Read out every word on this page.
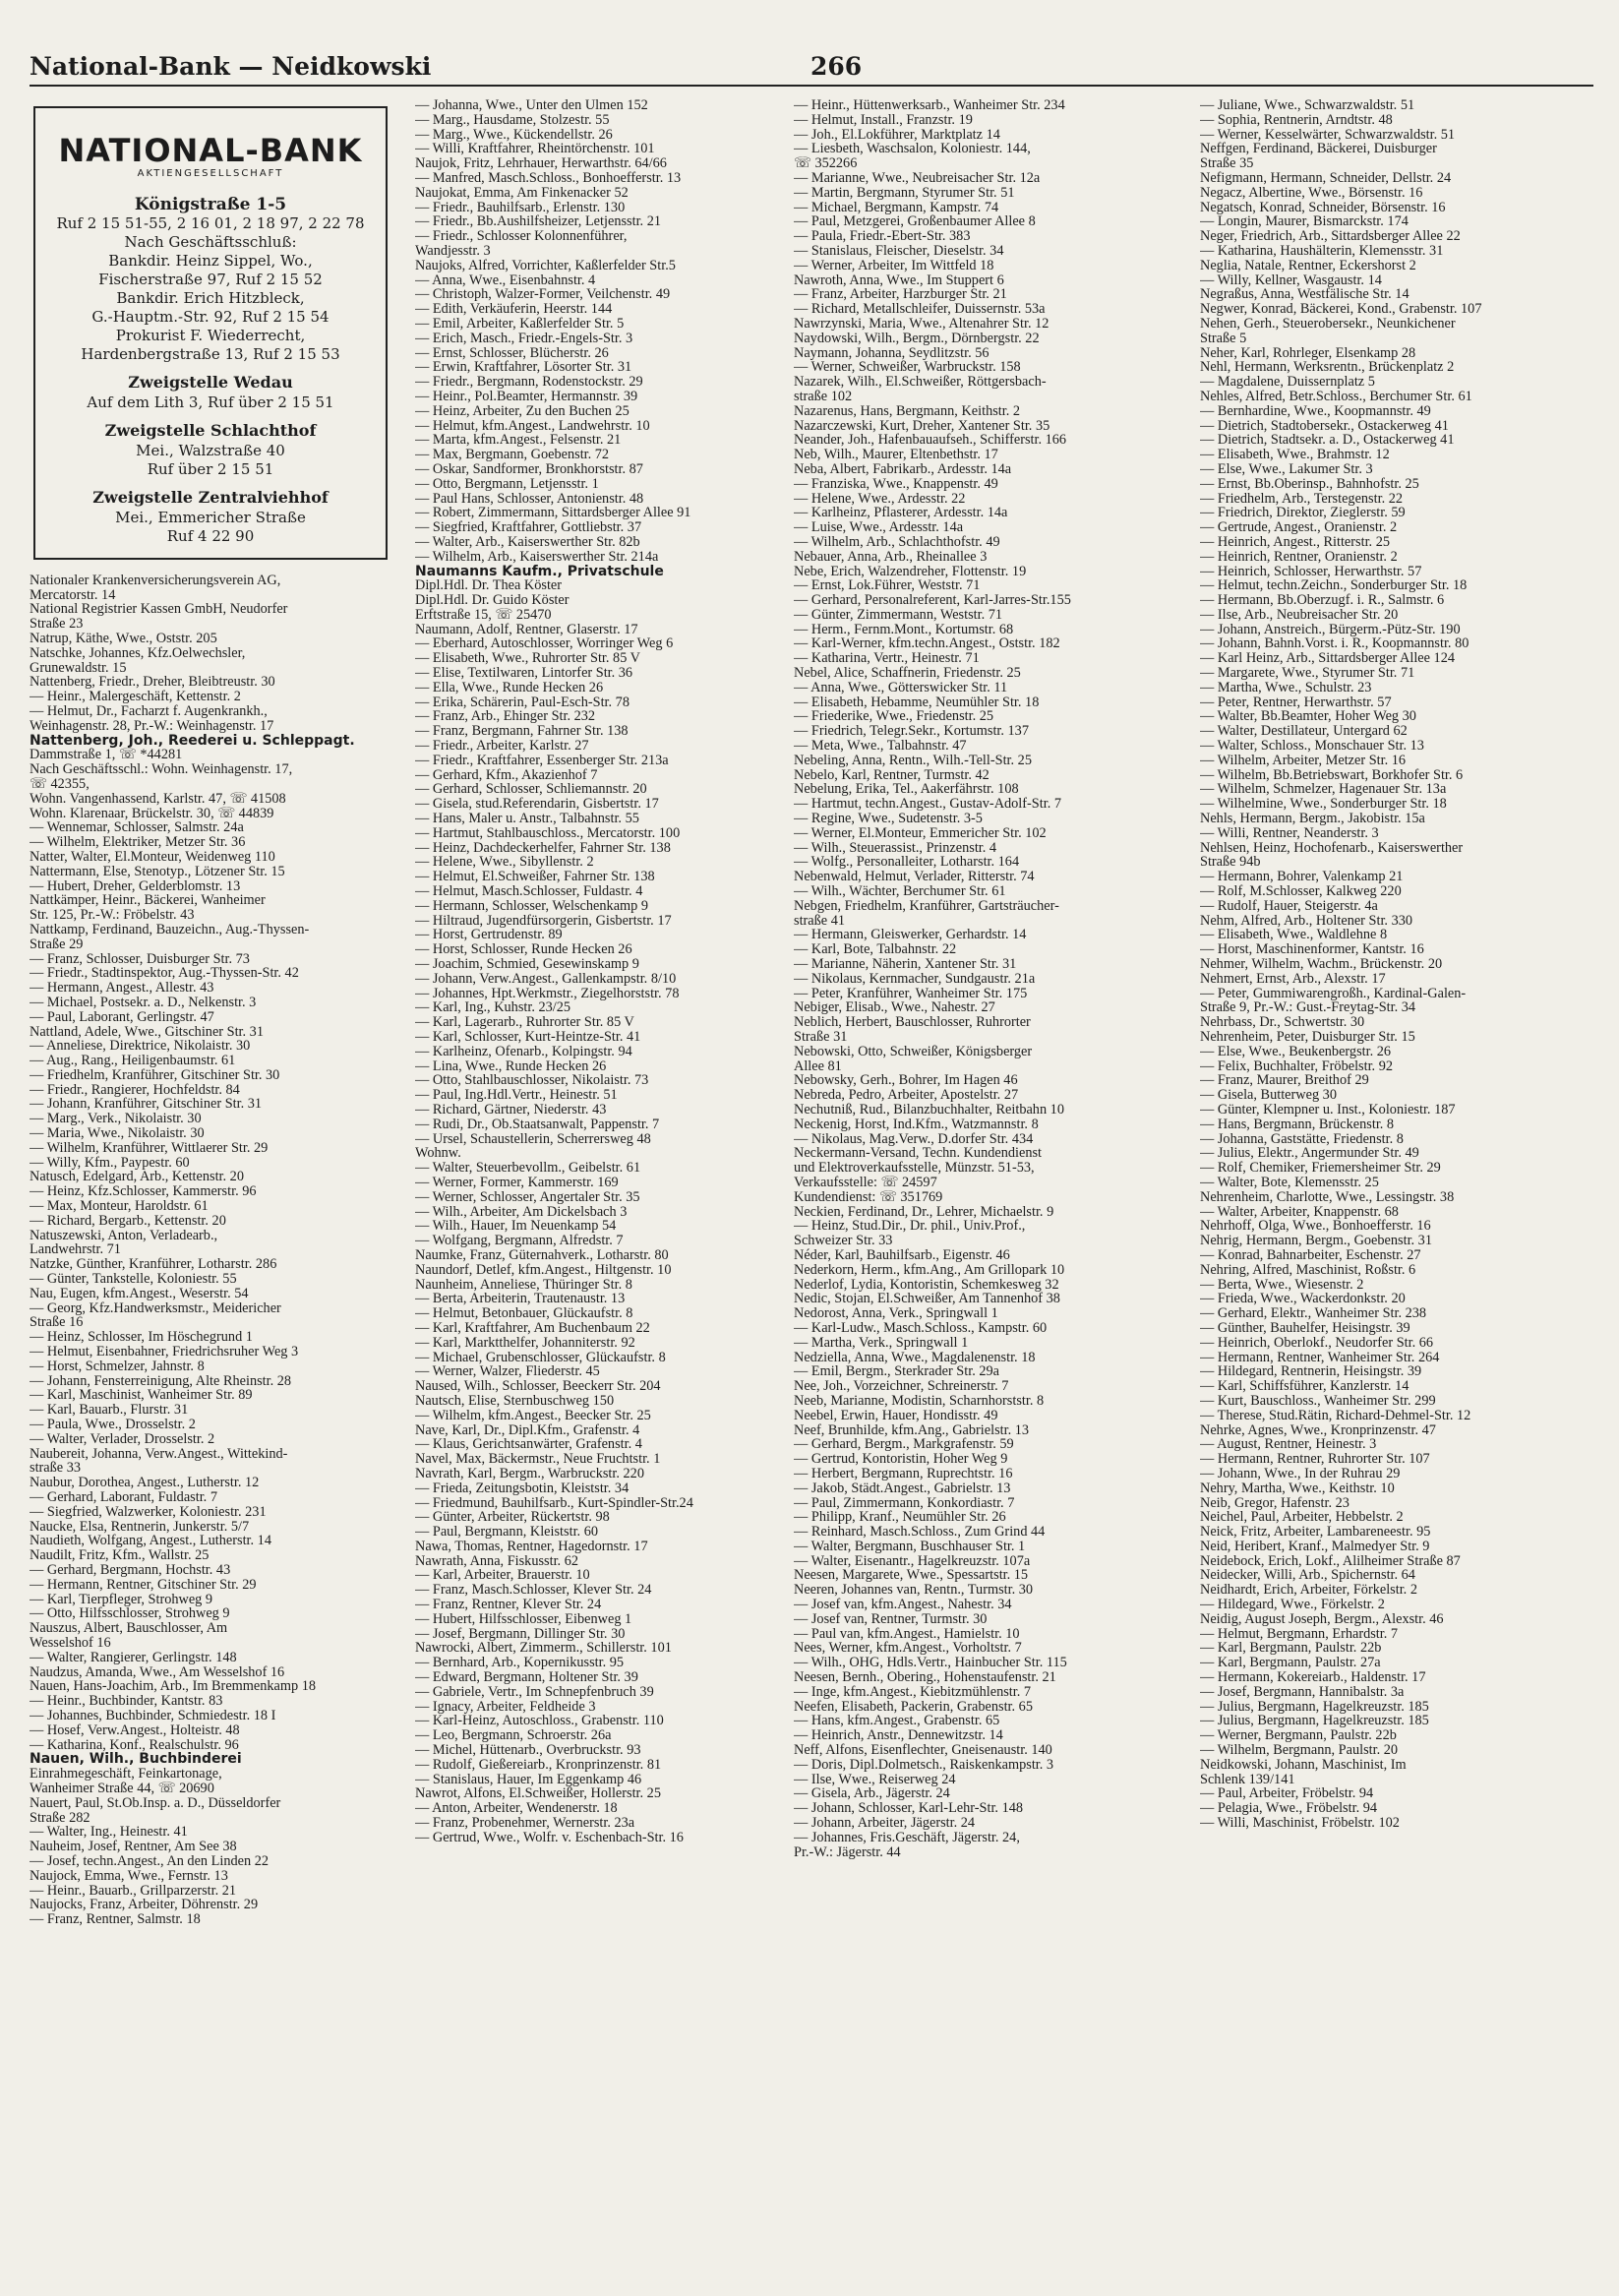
National-Bank — Neidkowski	266
NATIONAL-BANK
AKTIENGESELLSCHAFT
Königstraße 1-5
Ruf 2 15 51-55, 2 16 01, 2 18 97, 2 22 78
Nach Geschäftsschluß:
Bankdir. Heinz Sippel, Wo.,
Fischerstraße 97, Ruf 2 15 52
Bankdir. Erich Hitzbleck,
G.-Hauptm.-Str. 92, Ruf 2 15 54
Prokurist F. Wiederrecht,
Hardenbergstraße 13, Ruf 2 15 53
Zweigstelle Wedau
Auf dem Lith 3, Ruf über 2 15 51
Zweigstelle Schlachthof
Mei., Walzstraße 40
Ruf über 2 15 51
Zweigstelle Zentralviehhof
Mei., Emmericher Straße
Ruf 4 22 90
Nationaler Krankenversicherungsverein AG,
Mercatorstr. 14
National Registrier Kassen GmbH, Neudorfer
Straße 23
Natrup, Käthe, Wwe., Oststr. 205
Natschke, Johannes, Kfz.Oelwechsler,
Grunewaldstr. 15
Nattenberg, Friedr., Dreher, Bleibtreustr. 30
— Heinr., Malergeschäft, Kettenstr. 2
— Helmut, Dr., Facharzt f. Augenkrankh.,
Weinhagenstr. 28, Pr.-W.: Weinhagenstr. 17
Nattenberg, Joh., Reederei u. Schleppagt.
Dammstraße 1, ☏ *44281
Nach Geschäftsschl.: Wohn. Weinhagenstr. 17,
☏ 42355,
Wohn. Vangenhassend, Karlstr. 47, ☏ 41508
Wohn. Klarenaar, Brückelstr. 30, ☏ 44839
— Wennemar, Schlosser, Salmstr. 24a
— Wilhelm, Elektriker, Metzer Str. 36
Natter, Walter, El.Monteur, Weidenweg 110
Nattermann, Else, Stenotyp., Lötzener Str. 15
— Hubert, Dreher, Gelderblomstr. 13
Nattkämper, Heinr., Bäckerei, Wanheimer
Str. 125, Pr.-W.: Fröbelstr. 43
Nattkamp, Ferdinand, Bauzeichn., Aug.-Thyssen-
Straße 29
— Franz, Schlosser, Duisburger Str. 73
— Friedr., Stadtinspektor, Aug.-Thyssen-Str. 42
— Hermann, Angest., Allestr. 43
— Michael, Postsekr. a. D., Nelkenstr. 3
— Paul, Laborant, Gerlingstr. 47
Nattland, Adele, Wwe., Gitschiner Str. 31
— Anneliese, Direktrice, Nikolaistr. 30
— Aug., Rang., Heiligenbaumstr. 61
— Friedhelm, Kranführer, Gitschiner Str. 30
— Friedr., Rangierer, Hochfeldstr. 84
— Johann, Kranführer, Gitschiner Str. 31
— Marg., Verk., Nikolaistr. 30
— Maria, Wwe., Nikolaistr. 30
— Wilhelm, Kranführer, Wittlaerer Str. 29
— Willy, Kfm., Paypestr. 60
Natusch, Edelgard, Arb., Kettenstr. 20
— Heinz, Kfz.Schlosser, Kammerstr. 96
— Max, Monteur, Haroldstr. 61
— Richard, Bergarb., Kettenstr. 20
Natuszewski, Anton, Verladearb.,
Landwehrstr. 71
Natzke, Günther, Kranführer, Lotharstr. 286
— Günter, Tankstelle, Koloniestr. 55
Nau, Eugen, kfm.Angest., Weserstr. 54
— Georg, Kfz.Handwerksmstr., Meidericher
Straße 16
— Heinz, Schlosser, Im Höschegrund 1
— Helmut, Eisenbahner, Friedrichsruher Weg 3
— Horst, Schmelzer, Jahnstr. 8
— Johann, Fensterreinigung, Alte Rheinstr. 28
— Karl, Maschinist, Wanheimer Str. 89
— Karl, Bauarb., Flurstr. 31
— Paula, Wwe., Drosselstr. 2
— Walter, Verlader, Drosselstr. 2
Naubereit, Johanna, Verw.Angest., Wittekind-
straße 33
Naubur, Dorothea, Angest., Lutherstr. 12
— Gerhard, Laborant, Fuldastr. 7
— Siegfried, Walzwerker, Koloniestr. 231
Naucke, Elsa, Rentnerin, Junkerstr. 5/7
Naudieth, Wolfgang, Angest., Lutherstr. 14
Naudilt, Fritz, Kfm., Wallstr. 25
— Gerhard, Bergmann, Hochstr. 43
— Hermann, Rentner, Gitschiner Str. 29
— Karl, Tierpfleger, Strohweg 9
— Otto, Hilfsschlosser, Strohweg 9
Nauszus, Albert, Bauschlosser, Am
Wesselshof 16
— Walter, Rangierer, Gerlingstr. 148
Naudzus, Amanda, Wwe., Am Wesselshof 16
Nauen, Hans-Joachim, Arb., Im Bremmenkamp 18
— Heinr., Buchbinder, Kantstr. 83
— Johannes, Buchbinder, Schmiedestr. 18 I
— Hosef, Verw.Angest., Holteistr. 48
— Katharina, Konf., Realschulstr. 96
Nauen, Wilh., Buchbinderei
Einrahmegeschäft, Feinkartonage,
Wanheimer Straße 44, ☏ 20690
Nauert, Paul, St.Ob.Insp. a. D., Düsseldorfer
Straße 282
— Walter, Ing., Heinestr. 41
Nauheim, Josef, Rentner, Am See 38
— Josef, techn.Angest., An den Linden 22
Naujock, Emma, Wwe., Fernstr. 13
— Heinr., Bauarb., Grillparzerstr. 21
Naujocks, Franz, Arbeiter, Döhrenstr. 29
— Franz, Rentner, Salmstr. 18
— Johanna, Wwe., Unter den Ulmen 152
— Marg., Hausdame, Stolzestr. 55
— Marg., Wwe., Kückendellstr. 26
— Willi, Kraftfahrer, Rheintörchenstr. 101
Naujok, Fritz, Lehrhauer, Herwarthstr. 64/66
— Manfred, Masch.Schloss., Bonhoefferstr. 13
Naujokat, Emma, Am Finkenacker 52
— Friedr., Bauhilfsarb., Erlenstr. 130
— Friedr., Bb.Aushilfsheizer, Letjensstr. 21
— Friedr., Schlosser Kolonnenführer,
Wandjesstr. 3
Naujoks, Alfred, Vorrichter, Kaßlerfelder Str.5
— Anna, Wwe., Eisenbahnstr. 4
— Christoph, Walzer-Former, Veilchenstr. 49
— Edith, Verkäuferin, Heerstr. 144
— Emil, Arbeiter, Kaßlerfelder Str. 5
— Erich, Masch., Friedr.-Engels-Str. 3
— Ernst, Schlosser, Blücherstr. 26
— Erwin, Kraftfahrer, Lösorter Str. 31
— Friedr., Bergmann, Rodenstockstr. 29
— Heinr., Pol.Beamter, Hermannstr. 39
— Heinz, Arbeiter, Zu den Buchen 25
— Helmut, kfm.Angest., Landwehrstr. 10
— Marta, kfm.Angest., Felsenstr. 21
— Max, Bergmann, Goebenstr. 72
— Oskar, Sandformer, Bronkhorststr. 87
— Otto, Bergmann, Letjensstr. 1
— Paul Hans, Schlosser, Antonienstr. 48
— Robert, Zimmermann, Sittardsberger Allee 91
— Siegfried, Kraftfahrer, Gottliebstr. 37
— Walter, Arb., Kaiserswerther Str. 82b
— Wilhelm, Arb., Kaiserswerther Str. 214a
Naumanns Kaufm., Privatschule
Dipl.Hdl. Dr. Thea Köster
Dipl.Hdl. Dr. Guido Köster
Erftstraße 15, ☏ 25470
Naumann, Adolf, Rentner, Glaserstr. 17
— Eberhard, Autoschlosser, Worringer Weg 6
— Elisabeth, Wwe., Ruhrorter Str. 85 V
— Elise, Textilwaren, Lintorfer Str. 36
— Ella, Wwe., Runde Hecken 26
— Erika, Schärerin, Paul-Esch-Str. 78
— Franz, Arb., Ehinger Str. 232
— Franz, Bergmann, Fahrner Str. 138
— Friedr., Arbeiter, Karlstr. 27
— Friedr., Kraftfahrer, Essenberger Str. 213a
— Gerhard, Kfm., Akazienhof 7
— Gerhard, Schlosser, Schliemannstr. 20
— Gisela, stud.Referendarin, Gisbertstr. 17
— Hans, Maler u. Anstr., Talbahnstr. 55
— Hartmut, Stahlbauschloss., Mercatorstr. 100
— Heinz, Dachdeckerhelfer, Fahrner Str. 138
— Helene, Wwe., Sibyllenstr. 2
— Helmut, El.Schweißer, Fahrner Str. 138
— Helmut, Masch.Schlosser, Fuldastr. 4
— Hermann, Schlosser, Welschenkamp 9
— Hiltraud, Jugendfürsorgerin, Gisbertstr. 17
— Horst, Gertrudenstr. 89
— Horst, Schlosser, Runde Hecken 26
— Joachim, Schmied, Gesewinskamp 9
— Johann, Verw.Angest., Gallenkampstr. 8/10
— Johannes, Hpt.Werkmstr., Ziegelhorststr. 78
— Karl, Ing., Kuhstr. 23/25
— Karl, Lagerarb., Ruhrorter Str. 85 V
— Karl, Schlosser, Kurt-Heintze-Str. 41
— Karlheinz, Ofenarb., Kolpingstr. 94
— Lina, Wwe., Runde Hecken 26
— Otto, Stahlbauschlosser, Nikolaistr. 73
— Paul, Ing.Hdl.Vertr., Heinestr. 51
— Richard, Gärtner, Niederstr. 43
— Rudi, Dr., Ob.Staatsanwalt, Pappenstr. 7
— Ursel, Schaustellerin, Scherrersweg 48
Wohnw.
— Walter, Steuerbevollm., Geibelstr. 61
— Werner, Former, Kammerstr. 169
— Werner, Schlosser, Angertaler Str. 35
— Wilh., Arbeiter, Am Dickelsbach 3
— Wilh., Hauer, Im Neuenkamp 54
— Wolfgang, Bergmann, Alfredstr. 7
Naumke, Franz, Güternahverk., Lotharstr. 80
Naundorf, Detlef, kfm.Angest., Hiltgenstr. 10
Naunheim, Anneliese, Thüringer Str. 8
— Berta, Arbeiterin, Trautenaustr. 13
— Helmut, Betonbauer, Glückaufstr. 8
— Karl, Kraftfahrer, Am Buchenbaum 22
— Karl, Marktthelfer, Johanniterstr. 92
— Michael, Grubenschlosser, Glückaufstr. 8
— Werner, Walzer, Fliederstr. 45
Naused, Wilh., Schlosser, Beeckerr Str. 204
Nautsch, Elise, Sternbuschweg 150
— Wilhelm, kfm.Angest., Beecker Str. 25
Nave, Karl, Dr., Dipl.Kfm., Grafenstr. 4
— Klaus, Gerichtsanwärter, Grafenstr. 4
Navel, Max, Bäckermstr., Neue Fruchtstr. 1
Navrath, Karl, Bergm., Warbruckstr. 220
— Frieda, Zeitungsbotin, Kleiststr. 34
— Friedmund, Bauhilfsarb., Kurt-Spindler-Str.24
— Günter, Arbeiter, Rückertstr. 98
— Paul, Bergmann, Kleiststr. 60
Nawa, Thomas, Rentner, Hagedornstr. 17
Nawrath, Anna, Fiskusstr. 62
— Karl, Arbeiter, Brauerstr. 10
— Franz, Masch.Schlosser, Klever Str. 24
— Franz, Rentner, Klever Str. 24
— Hubert, Hilfsschlosser, Eibenweg 1
— Josef, Bergmann, Dillinger Str. 30
Nawrocki, Albert, Zimmerm., Schillerstr. 101
— Bernhard, Arb., Kopernikusstr. 95
— Edward, Bergmann, Holtener Str. 39
— Gabriele, Vertr., Im Schnepfenbruch 39
— Ignacy, Arbeiter, Feldheide 3
— Karl-Heinz, Autoschloss., Grabenstr. 110
— Leo, Bergmann, Schroerstr. 26a
— Michel, Hüttenarb., Overbruckstr. 93
— Rudolf, Gießereiarb., Kronprinzenstr. 81
— Stanislaus, Hauer, Im Eggenkamp 46
Nawrot, Alfons, El.Schweißer, Hollerstr. 25
— Anton, Arbeiter, Wendenerstr. 18
— Franz, Probenehmer, Wernerstr. 23a
— Gertrud, Wwe., Wolfr. v. Eschenbach-Str. 16
— Heinr., Hüttenwerksarb., Wanheimer Str. 234
— Helmut, Install., Franzstr. 19
— Joh., El.Lokführer, Marktplatz 14
— Liesbeth, Waschsalon, Koloniestr. 144,
☏ 352266
— Marianne, Wwe., Neubreisacher Str. 12a
— Martin, Bergmann, Styrumer Str. 51
— Michael, Bergmann, Kampstr. 74
— Paul, Metzgerei, Großenbaumer Allee 8
— Paula, Friedr.-Ebert-Str. 383
— Stanislaus, Fleischer, Dieselstr. 34
— Werner, Arbeiter, Im Wittfeld 18
Nawroth, Anna, Wwe., Im Stuppert 6
— Franz, Arbeiter, Harzburger Str. 21
— Richard, Metallschleifer, Duissernstr. 53a
Nawrzynski, Maria, Wwe., Altenahrer Str. 12
Naydowski, Wilh., Bergm., Dörnbergstr. 22
Naymann, Johanna, Seydlitzstr. 56
— Werner, Schweißer, Warbruckstr. 158
Nazarek, Wilh., El.Schweißer, Röttgersbach-
straße 102
Nazarenus, Hans, Bergmann, Keithstr. 2
Nazarczewski, Kurt, Dreher, Xantener Str. 35
Neander, Joh., Hafenbauaufseh., Schifferstr. 166
Neb, Wilh., Maurer, Eltenbethstr. 17
Neba, Albert, Fabrikarb., Ardesstr. 14a
— Franziska, Wwe., Knappenstr. 49
— Helene, Wwe., Ardesstr. 22
— Karlheinz, Pflasterer, Ardesstr. 14a
— Luise, Wwe., Ardesstr. 14a
— Wilhelm, Arb., Schlachthofstr. 49
Nebauer, Anna, Arb., Rheinallee 3
Nebe, Erich, Walzendreher, Flottenstr. 19
— Ernst, Lok.Führer, Weststr. 71
— Gerhard, Personalreferent, Karl-Jarres-Str.155
— Günter, Zimmermann, Weststr. 71
— Herm., Fernm.Mont., Kortumstr. 68
— Karl-Werner, kfm.techn.Angest., Oststr. 182
— Katharina, Vertr., Heinestr. 71
Nebel, Alice, Schaffnerin, Friedenstr. 25
— Anna, Wwe., Götterswicker Str. 11
— Elisabeth, Hebamme, Neumühler Str. 18
— Friederike, Wwe., Friedenstr. 25
— Friedrich, Telegr.Sekr., Kortumstr. 137
— Meta, Wwe., Talbahnstr. 47
Nebeling, Anna, Rentn., Wilh.-Tell-Str. 25
Nebelo, Karl, Rentner, Turmstr. 42
Nebelung, Erika, Tel., Aakerfährstr. 108
— Hartmut, techn.Angest., Gustav-Adolf-Str. 7
— Regine, Wwe., Sudetenstr. 3-5
— Werner, El.Monteur, Emmericher Str. 102
— Wilh., Steuerassist., Prinzenstr. 4
— Wolfg., Personalleiter, Lotharstr. 164
Nebenwald, Helmut, Verlader, Ritterstr. 74
— Wilh., Wächter, Berchumer Str. 61
Nebgen, Friedhelm, Kranführer, Gartsträucher-
straße 41
— Hermann, Gleiswerker, Gerhardstr. 14
— Karl, Bote, Talbahnstr. 22
— Marianne, Näherin, Xantener Str. 31
— Nikolaus, Kernmacher, Sundgaustr. 21a
— Peter, Kranführer, Wanheimer Str. 175
Nebiger, Elisab., Wwe., Nahestr. 27
Neblich, Herbert, Bauschlosser, Ruhrorter
Straße 31
Nebowski, Otto, Schweißer, Königsberger
Allee 81
Nebowsky, Gerh., Bohrer, Im Hagen 46
Nebreda, Pedro, Arbeiter, Apostelstr. 27
Nechutniß, Rud., Bilanzbuchhalter, Reitbahn 10
Neckenig, Horst, Ind.Kfm., Watzmannstr. 8
— Nikolaus, Mag.Verw., D.dorfer Str. 434
Neckermann-Versand, Techn. Kundendienst
und Elektroverkaufsstelle, Münzstr. 51-53,
Verkaufsstelle: ☏ 24597
Kundendienst: ☏ 351769
Neckien, Ferdinand, Dr., Lehrer, Michaelstr. 9
— Heinz, Stud.Dir., Dr. phil., Univ.Prof.,
Schweizer Str. 33
Néder, Karl, Bauhilfsarb., Eigenstr. 46
Nederkorn, Herm., kfm.Ang., Am Grillopark 10
Nederlof, Lydia, Kontoristin, Schemkesweg 32
Nedic, Stojan, El.Schweißer, Am Tannenhof 38
Nedorost, Anna, Verk., Springwall 1
— Karl-Ludw., Masch.Schloss., Kampstr. 60
— Martha, Verk., Springwall 1
Nedziella, Anna, Wwe., Magdalenenstr. 18
— Emil, Bergm., Sterkrader Str. 29a
Nee, Joh., Vorzeichner, Schreinerstr. 7
Neeb, Marianne, Modistin, Scharnhorststr. 8
Neebel, Erwin, Hauer, Hondisstr. 49
Neef, Brunhilde, kfm.Ang., Gabrielstr. 13
— Gerhard, Bergm., Markgrafenstr. 59
— Gertrud, Kontoristin, Hoher Weg 9
— Herbert, Bergmann, Ruprechtstr. 16
— Jakob, Städt.Angest., Gabrielstr. 13
— Paul, Zimmermann, Konkordiastr. 7
— Philipp, Kranf., Neumühler Str. 26
— Reinhard, Masch.Schloss., Zum Grind 44
— Walter, Bergmann, Buschhauser Str. 1
— Walter, Eisenantr., Hagelkreuzstr. 107a
Neesen, Margarete, Wwe., Spessartstr. 15
Neeren, Johannes van, Rentn., Turmstr. 30
— Josef van, kfm.Angest., Nahestr. 34
— Josef van, Rentner, Turmstr. 30
— Paul van, kfm.Angest., Hamielstr. 10
Nees, Werner, kfm.Angest., Vorholtstr. 7
— Wilh., OHG, Hdls.Vertr., Hainbucher Str. 115
Neesen, Bernh., Obering., Hohenstaufenstr. 21
— Inge, kfm.Angest., Kiebitzmühlenstr. 7
Neefen, Elisabeth, Packerin, Grabenstr. 65
— Hans, kfm.Angest., Grabenstr. 65
— Heinrich, Anstr., Dennewitzstr. 14
Neff, Alfons, Eisenflechter, Gneisenaustr. 140
— Doris, Dipl.Dolmetsch., Raiskenkampstr. 3
— Ilse, Wwe., Reiserweg 24
— Gisela, Arb., Jägerstr. 24
— Johann, Schlosser, Karl-Lehr-Str. 148
— Johann, Arbeiter, Jägerstr. 24
— Johannes, Fris.Geschäft, Jägerstr. 24,
Pr.-W.: Jägerstr. 44
— Juliane, Wwe., Schwarzwaldstr. 51
— Sophia, Rentnerin, Arndtstr. 48
— Werner, Kesselwärter, Schwarzwaldstr. 51
Neffgen, Ferdinand, Bäckerei, Duisburger
Straße 35
Nefigmann, Hermann, Schneider, Dellstr. 24
Negacz, Albertine, Wwe., Börsenstr. 16
Negatsch, Konrad, Schneider, Börsenstr. 16
— Longin, Maurer, Bismarckstr. 174
Neger, Friedrich, Arb., Sittardsberger Allee 22
— Katharina, Haushälterin, Klemensstr. 31
Neglia, Natale, Rentner, Eckershorst 2
— Willy, Kellner, Wasgaustr. 14
Negraßus, Anna, Westfälische Str. 14
Negwer, Konrad, Bäckerei, Kond., Grabenstr. 107
Nehen, Gerh., Steuerobersekr., Neunkichener
Straße 5
Neher, Karl, Rohrleger, Elsenkamp 28
Nehl, Hermann, Werksrentn., Brückenplatz 2
— Magdalene, Duissernplatz 5
Nehles, Alfred, Betr.Schloss., Berchumer Str. 61
— Bernhardine, Wwe., Koopmannstr. 49
— Dietrich, Stadtobersekr., Ostackerweg 41
— Dietrich, Stadtsekr. a. D., Ostackerweg 41
— Elisabeth, Wwe., Brahmstr. 12
— Else, Wwe., Lakumer Str. 3
— Ernst, Bb.Oberinsp., Bahnhofstr. 25
— Friedhelm, Arb., Terstegenstr. 22
— Friedrich, Direktor, Zieglerstr. 59
— Gertrude, Angest., Oranienstr. 2
— Heinrich, Angest., Ritterstr. 25
— Heinrich, Rentner, Oranienstr. 2
— Heinrich, Schlosser, Herwarthstr. 57
— Helmut, techn.Zeichn., Sonderburger Str. 18
— Hermann, Bb.Oberzugf. i. R., Salmstr. 6
— Ilse, Arb., Neubreisacher Str. 20
— Johann, Anstreich., Bürgerm.-Pütz-Str. 190
— Johann, Bahnh.Vorst. i. R., Koopmannstr. 80
— Karl Heinz, Arb., Sittardsberger Allee 124
— Margarete, Wwe., Styrumer Str. 71
— Martha, Wwe., Schulstr. 23
— Peter, Rentner, Herwarthstr. 57
— Walter, Bb.Beamter, Hoher Weg 30
— Walter, Destillateur, Untergard 62
— Walter, Schloss., Monschauer Str. 13
— Wilhelm, Arbeiter, Metzer Str. 16
— Wilhelm, Bb.Betriebswart, Borkhofer Str. 6
— Wilhelm, Schmelzer, Hagenauer Str. 13a
— Wilhelmine, Wwe., Sonderburger Str. 18
Nehls, Hermann, Bergm., Jakobistr. 15a
— Willi, Rentner, Neanderstr. 3
Nehlsen, Heinz, Hochofenarb., Kaiserswerther
Straße 94b
— Hermann, Bohrer, Valenkamp 21
— Rolf, M.Schlosser, Kalkweg 220
— Rudolf, Hauer, Steigerstr. 4a
Nehm, Alfred, Arb., Holtener Str. 330
— Elisabeth, Wwe., Waldlehne 8
— Horst, Maschinenformer, Kantstr. 16
Nehmer, Wilhelm, Wachm., Brückenstr. 20
Nehmert, Ernst, Arb., Alexstr. 17
— Peter, Gummiwarengroßh., Kardinal-Galen-
Straße 9, Pr.-W.: Gust.-Freytag-Str. 34
Nehrbass, Dr., Schwertstr. 30
Nehrenheim, Peter, Duisburger Str. 15
— Else, Wwe., Beukenbergstr. 26
— Felix, Buchhalter, Fröbelstr. 92
— Franz, Maurer, Breithof 29
— Gisela, Butterweg 30
— Günter, Klempner u. Inst., Koloniestr. 187
— Hans, Bergmann, Brückenstr. 8
— Johanna, Gaststätte, Friedenstr. 8
— Julius, Elektr., Angermunder Str. 49
— Rolf, Chemiker, Friemersheimer Str. 29
— Walter, Bote, Klemensstr. 25
Nehrenheim, Charlotte, Wwe., Lessingstr. 38
— Walter, Arbeiter, Knappenstr. 68
Nehrhoff, Olga, Wwe., Bonhoefferstr. 16
Nehrig, Hermann, Bergm., Goebenstr. 31
— Konrad, Bahnarbeiter, Eschenstr. 27
Nehring, Alfred, Maschinist, Roßstr. 6
— Berta, Wwe., Wiesenstr. 2
— Frieda, Wwe., Wackerdonkstr. 20
— Gerhard, Elektr., Wanheimer Str. 238
— Günther, Bauhelfer, Heisingstr. 39
— Heinrich, Oberlokf., Neudorfer Str. 66
— Hermann, Rentner, Wanheimer Str. 264
— Hildegard, Rentnerin, Heisingstr. 39
— Karl, Schiffsführer, Kanzlerstr. 14
— Kurt, Bauschloss., Wanheimer Str. 299
— Therese, Stud.Rätin, Richard-Dehmel-Str. 12
Nehrke, Agnes, Wwe., Kronprinzenstr. 47
— August, Rentner, Heinestr. 3
— Hermann, Rentner, Ruhrorter Str. 107
— Johann, Wwe., In der Ruhrau 29
Nehry, Martha, Wwe., Keithstr. 10
Neib, Gregor, Hafenstr. 23
Neichel, Paul, Arbeiter, Hebbelstr. 2
Neick, Fritz, Arbeiter, Lambareneestr. 95
Neid, Heribert, Kranf., Malmedyer Str. 9
Neidebock, Erich, Lokf., Alilheimer Straße 87
Neidecker, Willi, Arb., Spichernstr. 64
Neidhardt, Erich, Arbeiter, Förkelstr. 2
— Hildegard, Wwe., Förkelstr. 2
Neidig, August Joseph, Bergm., Alexstr. 46
— Helmut, Bergmann, Erhardstr. 7
— Karl, Bergmann, Paulstr. 22b
— Karl, Bergmann, Paulstr. 27a
— Hermann, Kokereiarb., Haldenstr. 17
— Josef, Bergmann, Hannibalstr. 3a
— Julius, Bergmann, Hagelkreuzstr. 185
— Julius, Bergmann, Hagelkreuzstr. 185
— Werner, Bergmann, Paulstr. 22b
— Wilhelm, Bergmann, Paulstr. 20
Neidkowski, Johann, Maschinist, Im
Schlenk 139/141
— Paul, Arbeiter, Fröbelstr. 94
— Pelagia, Wwe., Fröbelstr. 94
— Willi, Maschinist, Fröbelstr. 102
